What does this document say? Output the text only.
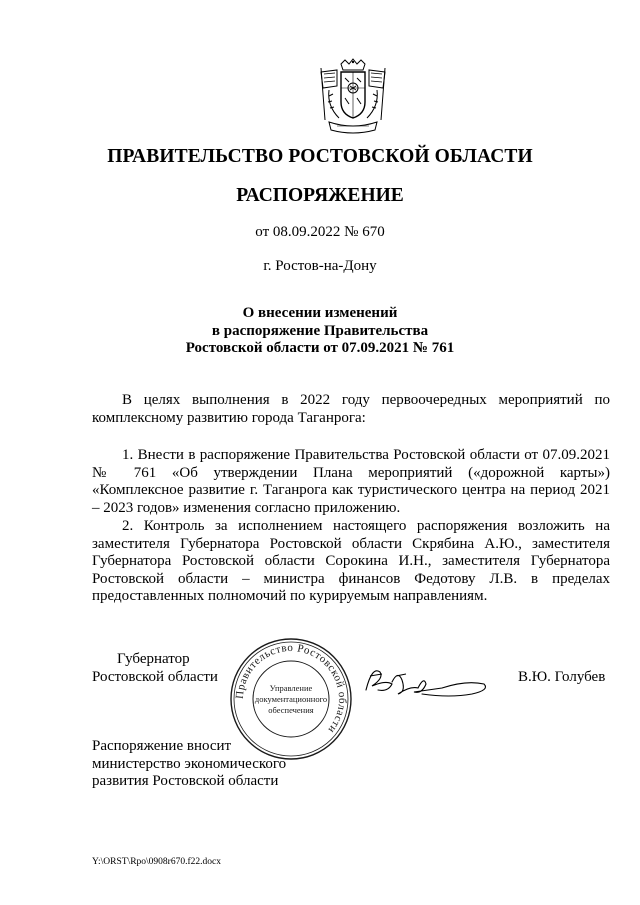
ПРАВИТЕЛЬСТВО РОСТОВСКОЙ ОБЛАСТИ
РАСПОРЯЖЕНИЕ
от 08.09.2022 № 670
г. Ростов-на-Дону
О внесении изменений
в распоряжение Правительства
Ростовской области от 07.09.2021 № 761
В целях выполнения в 2022 году первоочередных мероприятий по комплексному развитию города Таганрога:
1. Внести в распоряжение Правительства Ростовской области от 07.09.2021 № 761 «Об утверждении Плана мероприятий («дорожной карты») «Комплексное развитие г. Таганрога как туристического центра на период 2021 – 2023 годов» изменения согласно приложению.
2. Контроль за исполнением настоящего распоряжения возложить на заместителя Губернатора Ростовской области Скрябина А.Ю., заместителя Губернатора Ростовской области Сорокина И.Н., заместителя Губернатора Ростовской области – министра финансов Федотову Л.В. в пределах предоставленных полномочий по курируемым направлениям.
Губернатор
Ростовской области
Правительство Ростовской области
Управление
документационного
обеспечения
В.Ю. Голубев
Распоряжение вносит
министерство экономического
развития Ростовской области
Y:\ORST\Rpo\0908r670.f22.docx
